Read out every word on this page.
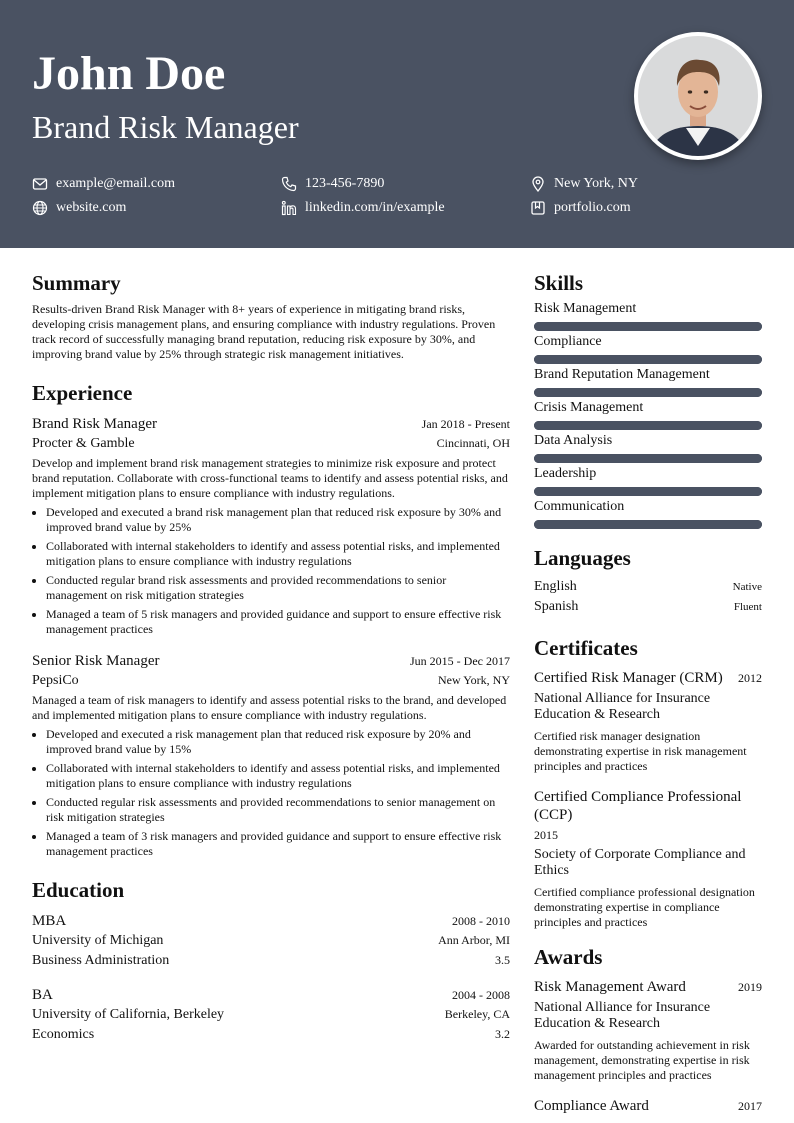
John Doe
Brand Risk Manager
example@email.com	123-456-7890	New York, NY
website.com	linkedin.com/in/example	portfolio.com
Summary
Results-driven Brand Risk Manager with 8+ years of experience in mitigating brand risks, developing crisis management plans, and ensuring compliance with industry regulations. Proven track record of successfully managing brand reputation, reducing risk exposure by 30%, and improving brand value by 25% through strategic risk management initiatives.
Experience
Brand Risk Manager	Jan 2018 - Present
Procter & Gamble	Cincinnati, OH
Develop and implement brand risk management strategies to minimize risk exposure and protect brand reputation. Collaborate with cross-functional teams to identify and assess potential risks, and implement mitigation plans to ensure compliance with industry regulations.
• Developed and executed a brand risk management plan that reduced risk exposure by 30% and improved brand value by 25%
• Collaborated with internal stakeholders to identify and assess potential risks, and implemented mitigation plans to ensure compliance with industry regulations
• Conducted regular brand risk assessments and provided recommendations to senior management on risk mitigation strategies
• Managed a team of 5 risk managers and provided guidance and support to ensure effective risk management practices
Senior Risk Manager	Jun 2015 - Dec 2017
PepsiCo	New York, NY
Managed a team of risk managers to identify and assess potential risks to the brand, and developed and implemented mitigation plans to ensure compliance with industry regulations.
• Developed and executed a risk management plan that reduced risk exposure by 20% and improved brand value by 15%
• Collaborated with internal stakeholders to identify and assess potential risks, and implemented mitigation plans to ensure compliance with industry regulations
• Conducted regular risk assessments and provided recommendations to senior management on risk mitigation strategies
• Managed a team of 3 risk managers and provided guidance and support to ensure effective risk management practices
Education
MBA	2008 - 2010
University of Michigan	Ann Arbor, MI
Business Administration	3.5
BA	2004 - 2008
University of California, Berkeley	Berkeley, CA
Economics	3.2
Skills
Risk Management
Compliance
Brand Reputation Management
Crisis Management
Data Analysis
Leadership
Communication
Languages
English	Native
Spanish	Fluent
Certificates
Certified Risk Manager (CRM) 2012
National Alliance for Insurance Education & Research
Certified risk manager designation demonstrating expertise in risk management principles and practices
Certified Compliance Professional (CCP)
2015
Society of Corporate Compliance and Ethics
Certified compliance professional designation demonstrating expertise in compliance principles and practices
Awards
Risk Management Award	2019
National Alliance for Insurance Education & Research
Awarded for outstanding achievement in risk management, demonstrating expertise in risk management principles and practices
Compliance Award	2017
